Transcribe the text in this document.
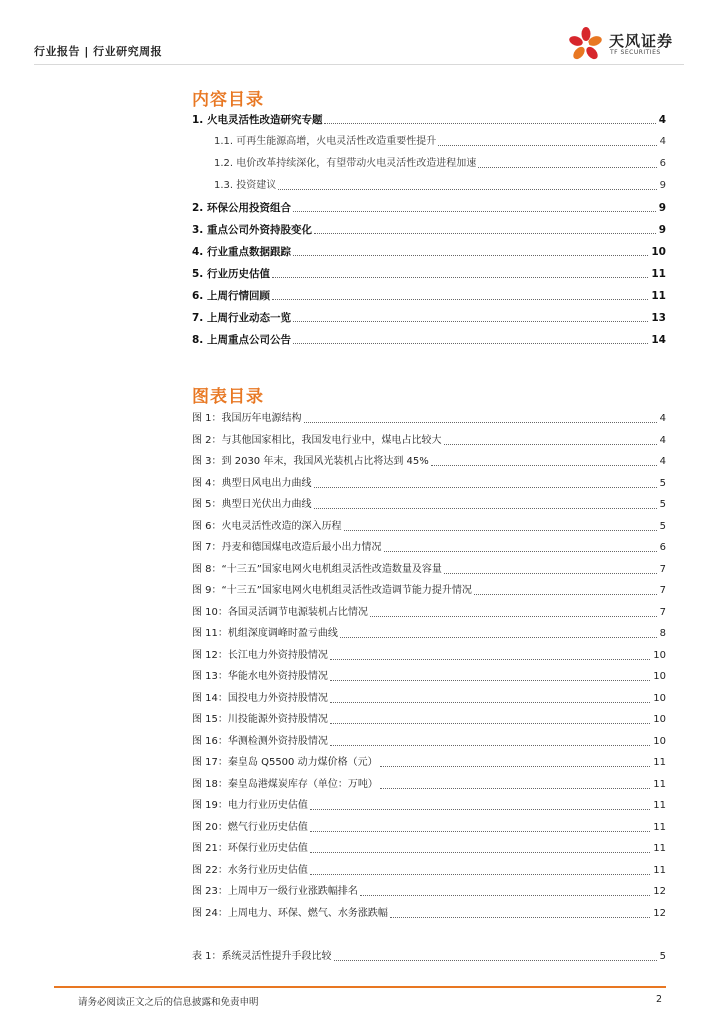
行业报告 | 行业研究周报
天风证券
TF SECURITIES
内容目录
1. 火电灵活性改造研究专题	4
1.1. 可再生能源高增，火电灵活性改造重要性提升	4
1.2. 电价改革持续深化，有望带动火电灵活性改造进程加速	6
1.3. 投资建议	9
2. 环保公用投资组合	9
3. 重点公司外资持股变化	9
4. 行业重点数据跟踪	10
5. 行业历史估值	11
6. 上周行情回顾	11
7. 上周行业动态一览	13
8. 上周重点公司公告	14
图表目录
图 1：我国历年电源结构	4
图 2：与其他国家相比，我国发电行业中，煤电占比较大	4
图 3：到 2030 年末，我国风光装机占比将达到 45%	4
图 4：典型日风电出力曲线	5
图 5：典型日光伏出力曲线	5
图 6：火电灵活性改造的深入历程	5
图 7：丹麦和德国煤电改造后最小出力情况	6
图 8：“十三五”国家电网火电机组灵活性改造数量及容量	7
图 9：“十三五”国家电网火电机组灵活性改造调节能力提升情况	7
图 10：各国灵活调节电源装机占比情况	7
图 11：机组深度调峰时盈亏曲线	8
图 12：长江电力外资持股情况	10
图 13：华能水电外资持股情况	10
图 14：国投电力外资持股情况	10
图 15：川投能源外资持股情况	10
图 16：华测检测外资持股情况	10
图 17：秦皇岛 Q5500 动力煤价格（元）	11
图 18：秦皇岛港煤炭库存（单位：万吨）	11
图 19：电力行业历史估值	11
图 20：燃气行业历史估值	11
图 21：环保行业历史估值	11
图 22：水务行业历史估值	11
图 23：上周申万一级行业涨跌幅排名	12
图 24：上周电力、环保、燃气、水务涨跌幅	12
表 1：系统灵活性提升手段比较	5
请务必阅读正文之后的信息披露和免责申明	2
